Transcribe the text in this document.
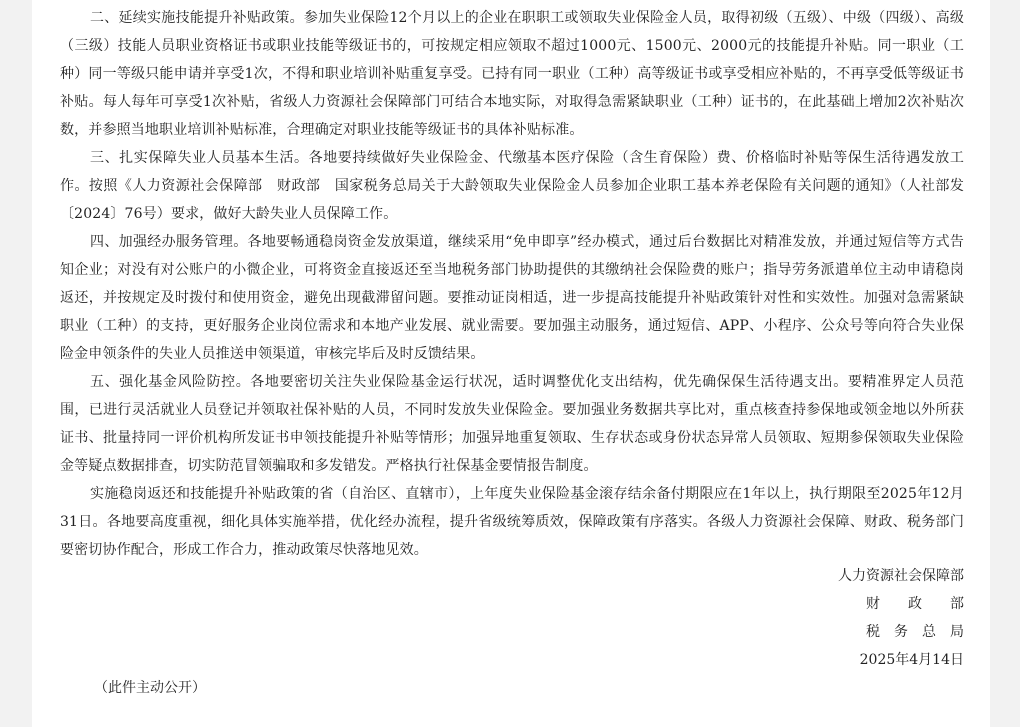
二、延续实施技能提升补贴政策。参加失业保险12个月以上的企业在职职工或领取失业保险金人员，取得初级（五级）、中级（四级）、高级（三级）技能人员职业资格证书或职业技能等级证书的，可按规定相应领取不超过1000元、1500元、2000元的技能提升补贴。同一职业（工种）同一等级只能申请并享受1次，不得和职业培训补贴重复享受。已持有同一职业（工种）高等级证书或享受相应补贴的，不再享受低等级证书补贴。每人每年可享受1次补贴，省级人力资源社会保障部门可结合本地实际，对取得急需紧缺职业（工种）证书的，在此基础上增加2次补贴次数，并参照当地职业培训补贴标准，合理确定对职业技能等级证书的具体补贴标准。

三、扎实保障失业人员基本生活。各地要持续做好失业保险金、代缴基本医疗保险（含生育保险）费、价格临时补贴等保生活待遇发放工作。按照《人力资源社会保障部　财政部　国家税务总局关于大龄领取失业保险金人员参加企业职工基本养老保险有关问题的通知》（人社部发〔2024〕76号）要求，做好大龄失业人员保障工作。

四、加强经办服务管理。各地要畅通稳岗资金发放渠道，继续采用“免申即享”经办模式，通过后台数据比对精准发放，并通过短信等方式告知企业；对没有对公账户的小微企业，可将资金直接返还至当地税务部门协助提供的其缴纳社会保险费的账户；指导劳务派遣单位主动申请稳岗返还，并按规定及时拨付和使用资金，避免出现截滞留问题。要推动证岗相适，进一步提高技能提升补贴政策针对性和实效性。加强对急需紧缺职业（工种）的支持，更好服务企业岗位需求和本地产业发展、就业需要。要加强主动服务，通过短信、APP、小程序、公众号等向符合失业保险金申领条件的失业人员推送申领渠道，审核完毕后及时反馈结果。

五、强化基金风险防控。各地要密切关注失业保险基金运行状况，适时调整优化支出结构，优先确保保生活待遇支出。要精准界定人员范围，已进行灵活就业人员登记并领取社保补贴的人员，不同时发放失业保险金。要加强业务数据共享比对，重点核查持参保地或领金地以外所获证书、批量持同一评价机构所发证书申领技能提升补贴等情形；加强异地重复领取、生存状态或身份状态异常人员领取、短期参保领取失业保险金等疑点数据排查，切实防范冒领骗取和多发错发。严格执行社保基金要情报告制度。

实施稳岗返还和技能提升补贴政策的省（自治区、直辖市），上年度失业保险基金滚存结余备付期限应在1年以上，执行期限至2025年12月31日。各地要高度重视，细化具体实施举措，优化经办流程，提升省级统筹质效，保障政策有序落实。各级人力资源社会保障、财政、税务部门要密切协作配合，形成工作合力，推动政策尽快落地见效。

人力资源社会保障部
财　　政　　部
税　务　总　局
2025年4月14日
（此件主动公开）
